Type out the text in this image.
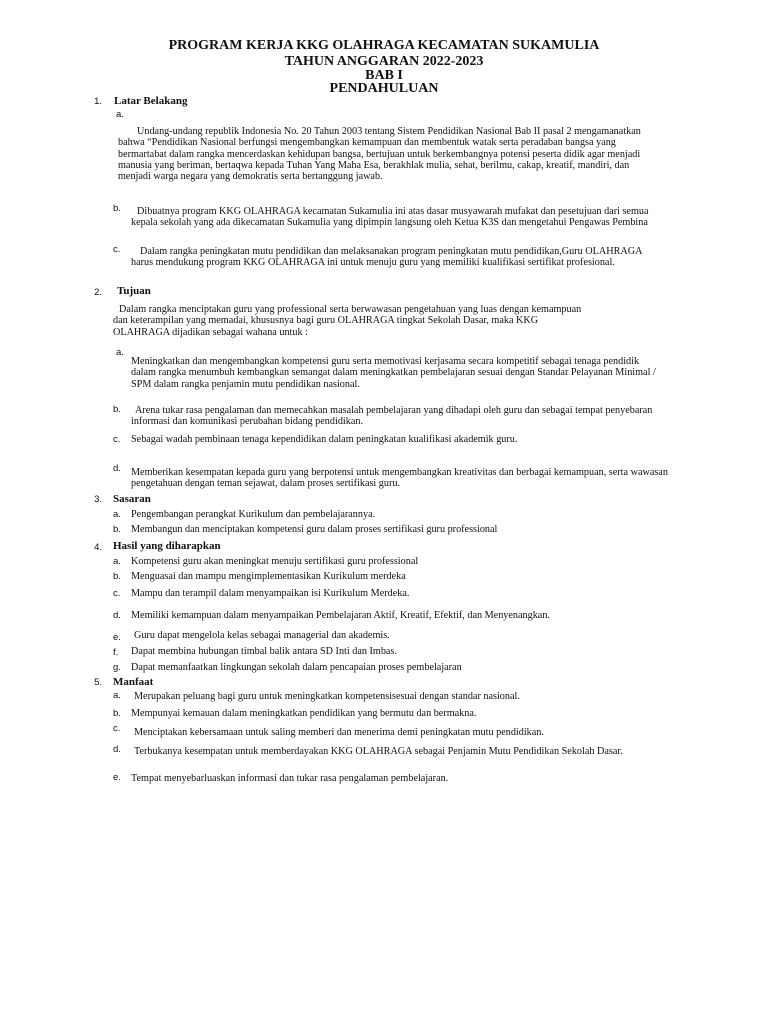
PROGRAM KERJA KKG OLAHRAGA KECAMATAN SUKAMULIA
TAHUN ANGGARAN 2022-2023
BAB I
PENDAHULUAN
1. Latar Belakang
a.
Undang-undang republik Indonesia No. 20 Tahun 2003 tentang Sistem Pendidikan Nasional Bab II pasal 2 mengamanatkan bahwa “Pendidikan Nasional berfungsi mengembangkan kemampuan dan membentuk watak serta peradaban bangsa yang bermartabat dalam rangka mencerdaskan kehidupan bangsa, bertujuan untuk berkembangnya potensi peserta didik agar menjadi manusia yang beriman, bertaqwa kepada Tuhan Yang Maha Esa, berakhlak mulia, sehat, berilmu, cakap, kreatif, mandiri, dan menjadi warga negara yang demokratis serta bertanggung jawab.
b.	Dibuatnya program KKG OLAHRAGA kecamatan Sukamulia ini atas dasar musyawarah mufakat dan pesetujuan dari semua kepala sekolah yang ada dikecamatan Sukamulia yang dipimpin langsung oleh Ketua K3S dan mengetahui Pengawas Pembina
c.	Dalam rangka peningkatan mutu pendidikan dan melaksanakan program peningkatan mutu pendidikan,Guru OLAHRAGA harus mendukung program KKG OLAHRAGA ini untuk menuju guru yang memiliki kualifikasi sertifikat profesional.
2. Tujuan
Dalam rangka menciptakan guru yang professional serta berwawasan pengetahuan yang luas dengan kemampuan dan keterampilan yang memadai, khususnya bagi guru OLAHRAGA tingkat Sekolah Dasar, maka KKG OLAHRAGA dijadikan sebagai wahana untuk :
a.
Meningkatkan dan mengembangkan kompetensi guru serta memotivasi kerjasama secara kompetitif sebagai tenaga pendidik dalam rangka menumbuh kembangkan semangat dalam meningkatkan pembelajaran sesuai dengan Standar Pelayanan Minimal / SPM dalam rangka penjamin mutu pendidikan nasional.
b.	Arena tukar rasa pengalaman dan memecahkan masalah pembelajaran yang dihadapi oleh guru dan sebagai tempat penyebaran informasi dan komunikasi perubahan bidang pendidikan.
c. Sebagai wadah pembinaan tenaga kependidikan dalam peningkatan kualifikasi akademik guru.
d. Memberikan kesempatan kepada guru yang berpotensi untuk mengembangkan kreativitas dan berbagai kemampuan, serta wawasan pengetahuan dengan teman sejawat, dalam proses sertifikasi guru.
3. Sasaran
a. Pengembangan perangkat Kurikulum dan pembelajarannya.
b. Membangun dan menciptakan kompetensi guru dalam proses sertifikasi guru professional
4. Hasil yang diharapkan
a. Kompetensi guru akan meningkat menuju sertifikasi guru professional
b. Menguasai dan mampu mengimplementasikan Kurikulum merdeka
c. Mampu dan terampil dalam menyampaikan isi Kurikulum Merdeka.
d. Memiliki kemampuan dalam menyampaikan Pembelajaran Aktif, Kreatif, Efektif, dan Menyenangkan.
e. Guru dapat mengelola kelas sebagai managerial dan akademis.
f. Dapat membina hubungan timbal balik antara SD Inti dan Imbas.
g. Dapat memanfaatkan lingkungan sekolah dalam pencapaian proses pembelajaran
5. Manfaat
a. Merupakan peluang bagi guru untuk meningkatkan kompetensisesuai dengan standar nasional.
b. Mempunyai kemauan dalam meningkatkan pendidikan yang bermutu dan bermakna.
c. Menciptakan kebersamaan untuk saling memberi dan menerima demi peningkatan mutu pendidikan.
d. Terbukanya kesempatan untuk memberdayakan KKG OLAHRAGA sebagai Penjamin Mutu Pendidikan Sekolah Dasar.
e. Tempat menyebarluaskan informasi dan tukar rasa pengalaman pembelajaran.
